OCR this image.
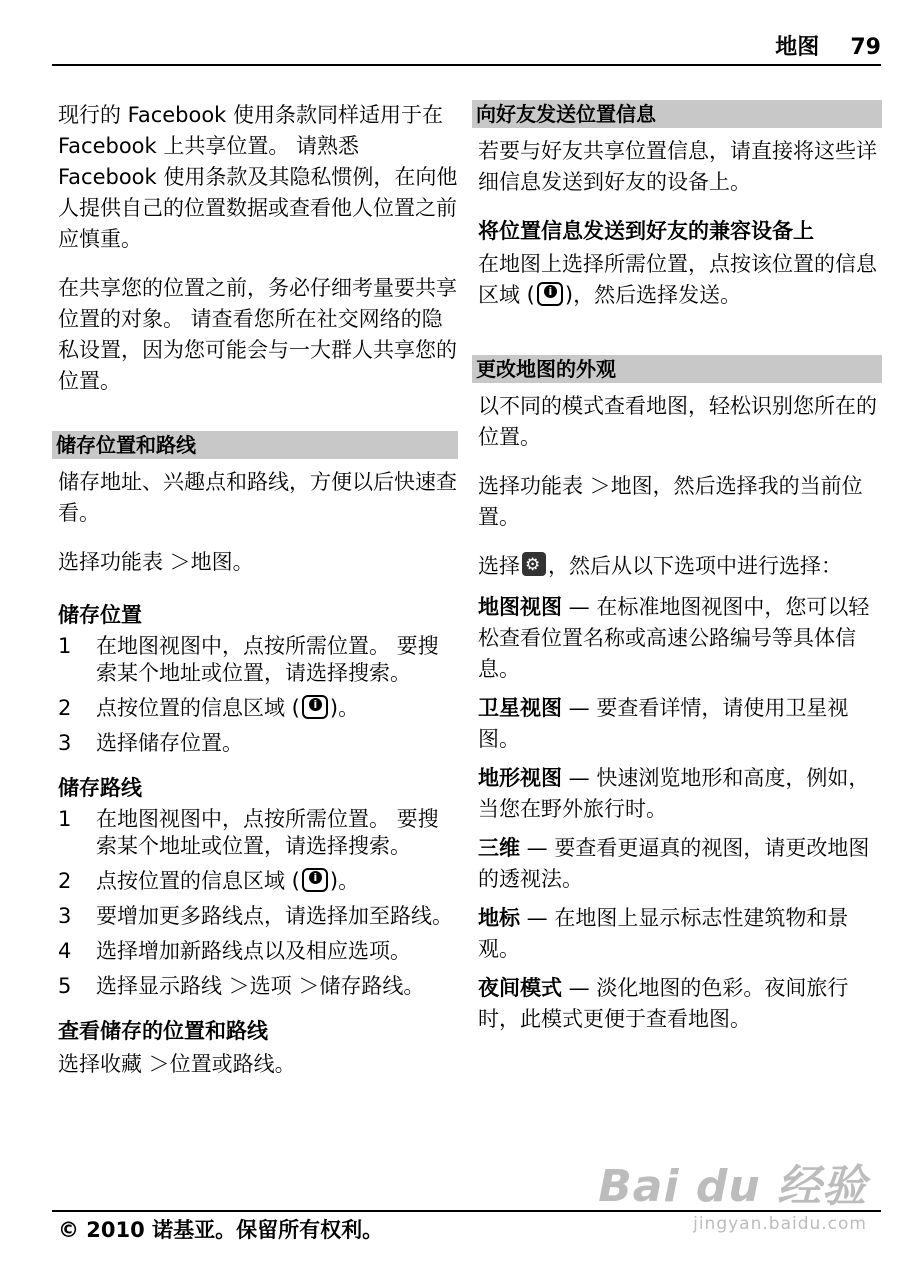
地图 79

现行的 Facebook 使用条款同样适用于在 Facebook 上共享位置。 请熟悉 Facebook 使用条款及其隐私惯例，在向他人提供自己的位置数据或查看他人位置之前应慎重。

在共享您的位置之前，务必仔细考量要共享位置的对象。 请查看您所在社交网络的隐私设置，因为您可能会与一大群人共享您的位置。

储存位置和路线

储存地址、兴趣点和路线，方便以后快速查看。

选择功能表 ＞地图。

储存位置
1 在地图视图中，点按所需位置。 要搜索某个地址或位置，请选择搜索。
2 点按位置的信息区域 ( i )。
3 选择储存位置。
储存路线
1 在地图视图中，点按所需位置。 要搜索某个地址或位置，请选择搜索。
2 点按位置的信息区域 ( i )。
3 要增加更多路线点，请选择加至路线。
4 选择增加新路线点以及相应选项。
5 选择显示路线 ＞选项 ＞储存路线。
查看储存的位置和路线

选择收藏 ＞位置或路线。

向好友发送位置信息

若要与好友共享位置信息，请直接将这些详细信息发送到好友的设备上。

将位置信息发送到好友的兼容设备上

在地图上选择所需位置，点按该位置的信息区域 ( i )，然后选择发送。

更改地图的外观

以不同的模式查看地图，轻松识别您所在的位置。

选择功能表 ＞地图，然后选择我的当前位置。

选择 ⚙ ，然后从以下选项中进行选择：

地图视图 — 在标准地图视图中，您可以轻松查看位置名称或高速公路编号等具体信息。

卫星视图 — 要查看详情，请使用卫星视图。

地形视图 — 快速浏览地形和高度，例如，当您在野外旅行时。

三维 — 要查看更逼真的视图，请更改地图的透视法。

地标 — 在地图上显示标志性建筑物和景观。

夜间模式 — 淡化地图的色彩。夜间旅行时，此模式更便于查看地图。

Bai du 经验
jingyan.baidu.com
© 2010 诺基亚。保留所有权利。
